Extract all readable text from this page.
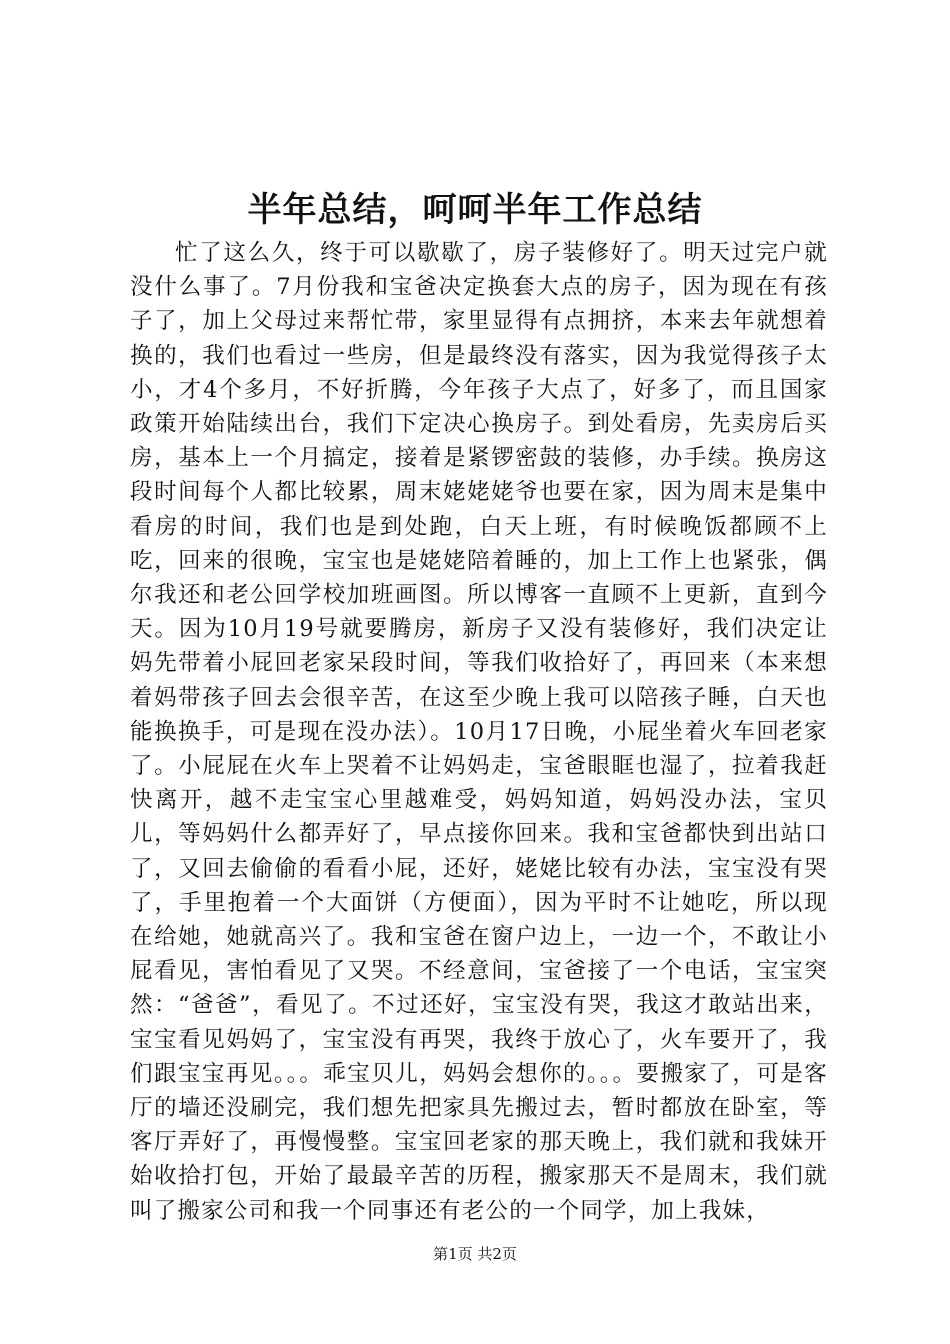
半年总结，呵呵半年工作总结

忙了这么久，终于可以歇歇了，房子装修好了。明天过完户就没什么事了。7月份我和宝爸决定换套大点的房子，因为现在有孩子了，加上父母过来帮忙带，家里显得有点拥挤，本来去年就想着换的，我们也看过一些房，但是最终没有落实，因为我觉得孩子太小，才4个多月，不好折腾，今年孩子大点了，好多了，而且国家政策开始陆续出台，我们下定决心换房子。到处看房，先卖房后买房，基本上一个月搞定，接着是紧锣密鼓的装修，办手续。换房这段时间每个人都比较累，周末姥姥姥爷也要在家，因为周末是集中看房的时间，我们也是到处跑，白天上班，有时候晚饭都顾不上吃，回来的很晚，宝宝也是姥姥陪着睡的，加上工作上也紧张，偶尔我还和老公回学校加班画图。所以博客一直顾不上更新，直到今天。因为10月19号就要腾房，新房子又没有装修好，我们决定让妈先带着小屁回老家呆段时间，等我们收拾好了，再回来（本来想着妈带孩子回去会很辛苦，在这至少晚上我可以陪孩子睡，白天也能换换手，可是现在没办法）。10月17日晚，小屁坐着火车回老家了。小屁屁在火车上哭着不让妈妈走，宝爸眼眶也湿了，拉着我赶快离开，越不走宝宝心里越难受，妈妈知道，妈妈没办法，宝贝儿，等妈妈什么都弄好了，早点接你回来。我和宝爸都快到出站口了，又回去偷偷的看看小屁，还好，姥姥比较有办法，宝宝没有哭了，手里抱着一个大面饼（方便面），因为平时不让她吃，所以现在给她，她就高兴了。我和宝爸在窗户边上，一边一个，不敢让小屁看见，害怕看见了又哭。不经意间，宝爸接了一个电话，宝宝突然：“爸爸”，看见了。不过还好，宝宝没有哭，我这才敢站出来，宝宝看见妈妈了，宝宝没有再哭，我终于放心了，火车要开了，我们跟宝宝再见。。。乖宝贝儿，妈妈会想你的。。。要搬家了，可是客厅的墙还没刷完，我们想先把家具先搬过去，暂时都放在卧室，等客厅弄好了，再慢慢整。宝宝回老家的那天晚上，我们就和我妹开始收拾打包，开始了最最辛苦的历程，搬家那天不是周末，我们就叫了搬家公司和我一个同事还有老公的一个同学，加上我妹，

第1页 共2页
